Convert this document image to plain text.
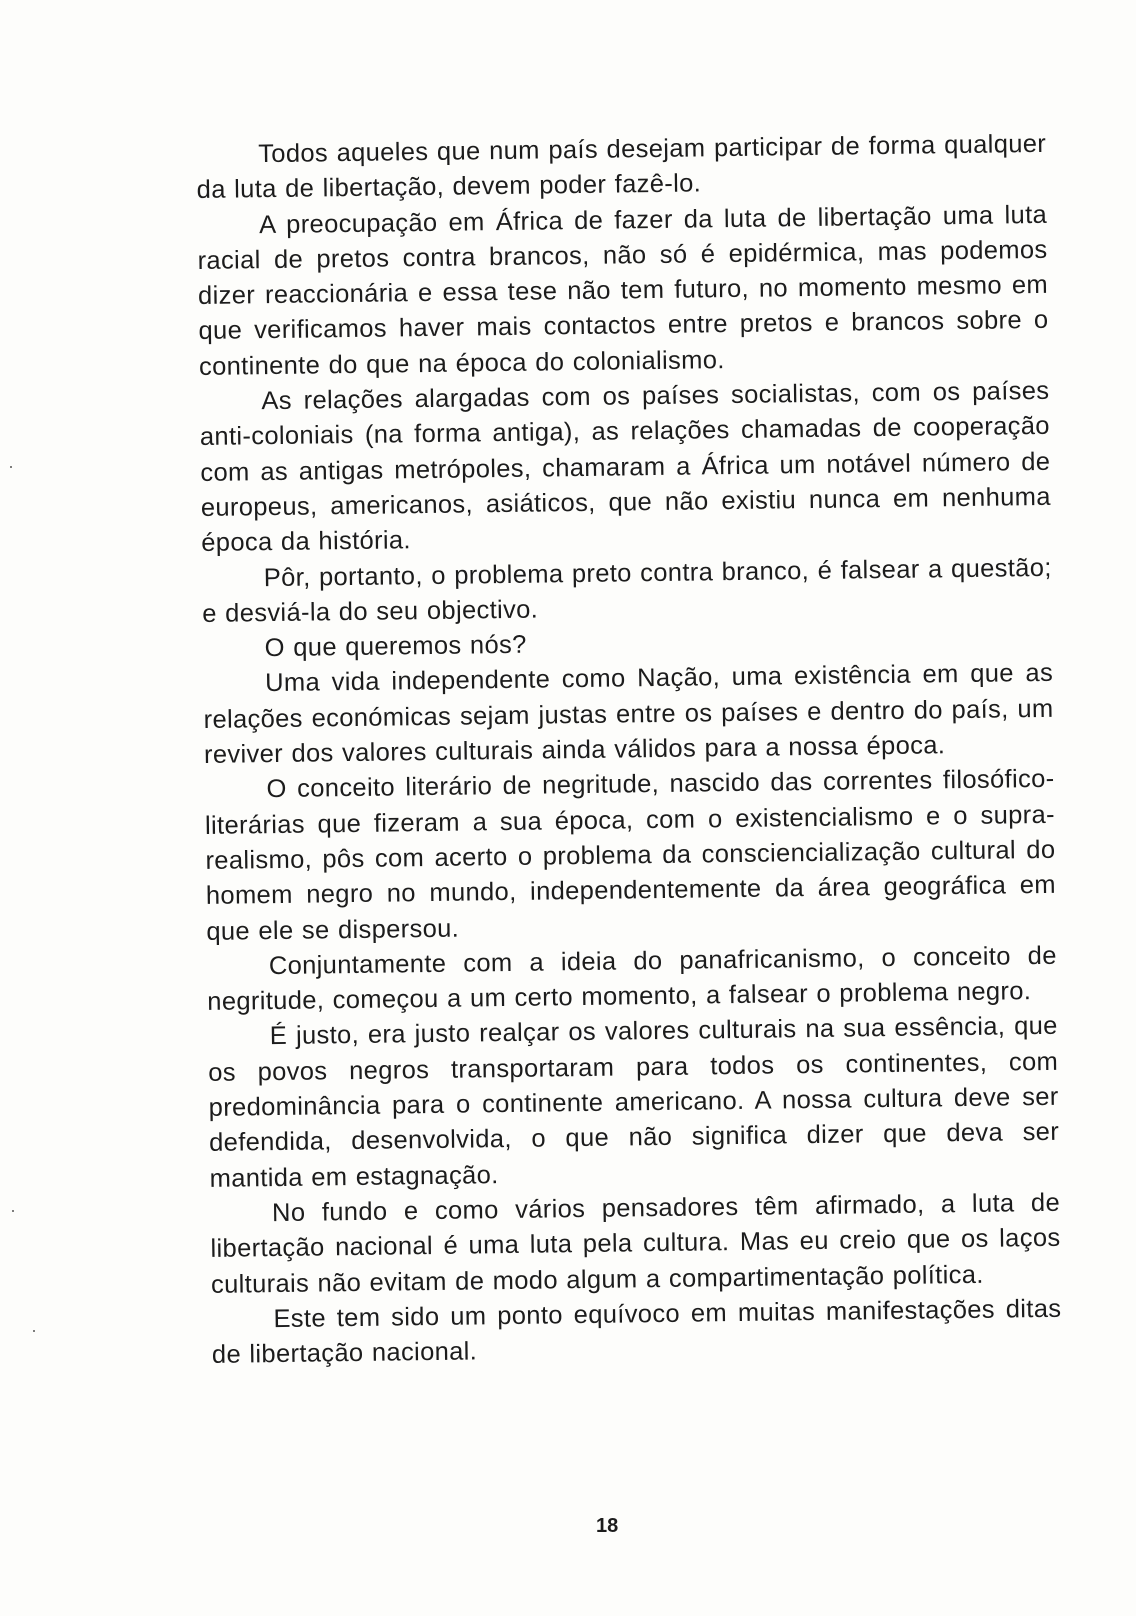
Todos aqueles que num país desejam participar de forma qualquer da luta de libertação, devem poder fazê-lo.

A preocupação em África de fazer da luta de libertação uma luta racial de pretos contra brancos, não só é epidérmica, mas podemos dizer reaccionária e essa tese não tem futuro, no momento mesmo em que verificamos haver mais contactos entre pretos e brancos sobre o continente do que na época do colonialismo.

As relações alargadas com os países socialistas, com os países anti-coloniais (na forma antiga), as relações chamadas de cooperação com as antigas metrópoles, chamaram a África um notável número de europeus, americanos, asiáticos, que não existiu nunca em nenhuma época da história.

Pôr, portanto, o problema preto contra branco, é falsear a questão; e desviá-la do seu objectivo.

O que queremos nós?

Uma vida independente como Nação, uma existência em que as relações económicas sejam justas entre os países e dentro do país, um reviver dos valores culturais ainda válidos para a nossa época.

O conceito literário de negritude, nascido das correntes filosófico-literárias que fizeram a sua época, com o existencialismo e o supra-realismo, pôs com acerto o problema da consciencialização cultural do homem negro no mundo, independentemente da área geográfica em que ele se dispersou.

Conjuntamente com a ideia do panafricanismo, o conceito de negritude, começou a um certo momento, a falsear o problema negro.

É justo, era justo realçar os valores culturais na sua essência, que os povos negros transportaram para todos os continentes, com predominância para o continente americano. A nossa cultura deve ser defendida, desenvolvida, o que não significa dizer que deva ser mantida em estagnação.

No fundo e como vários pensadores têm afirmado, a luta de libertação nacional é uma luta pela cultura. Mas eu creio que os laços culturais não evitam de modo algum a compartimentação política.

Este tem sido um ponto equívoco em muitas manifestações ditas de libertação nacional.

18
